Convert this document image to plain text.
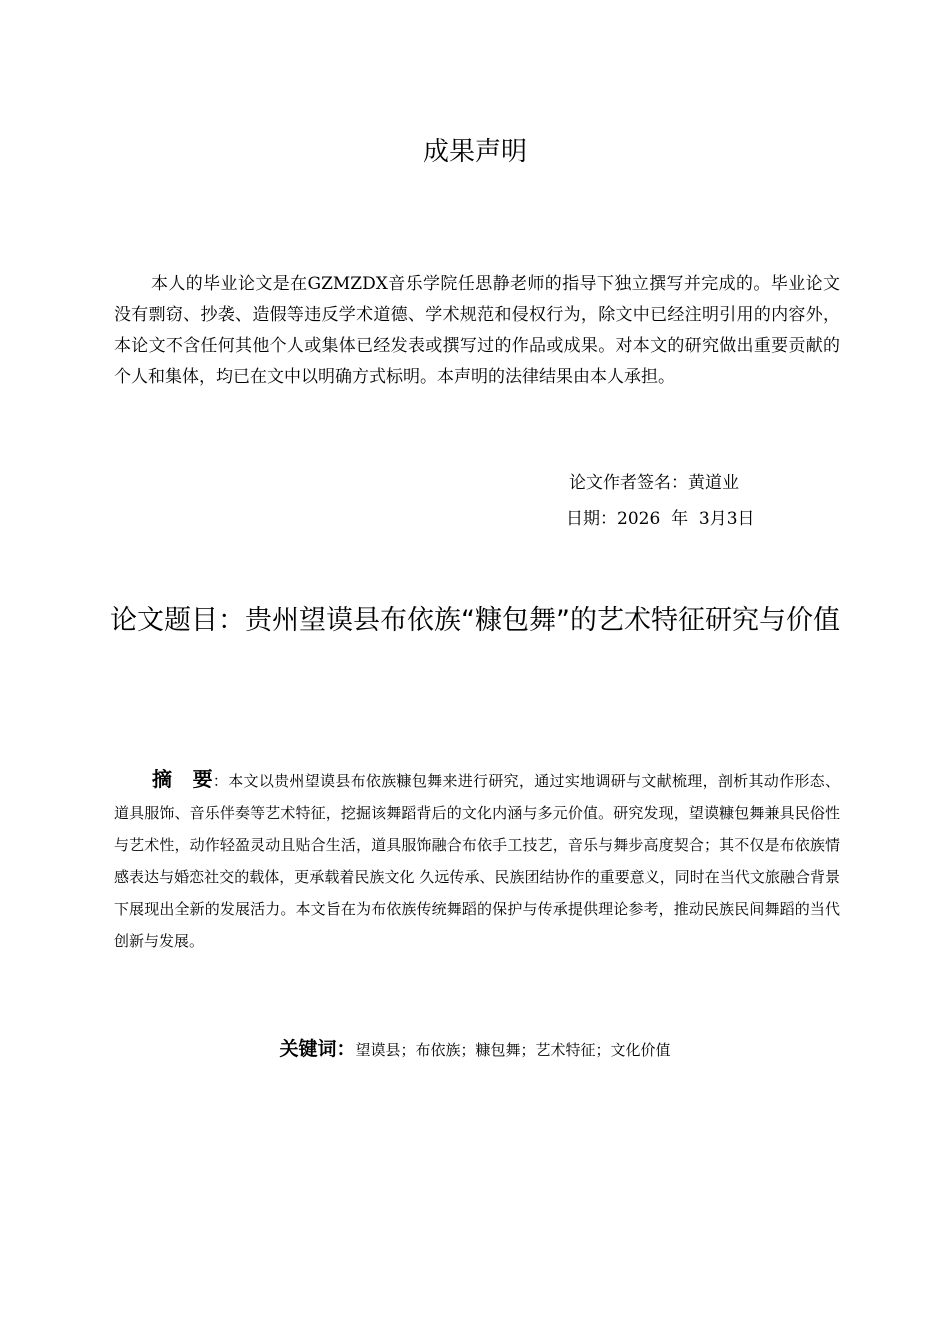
成果声明

本人的毕业论文是在GZMZDX音乐学院任思静老师的指导下独立撰写并完成的。毕业论文没有剽窃、抄袭、造假等违反学术道德、学术规范和侵权行为，除文中已经注明引用的内容外，本论文不含任何其他个人或集体已经发表或撰写过的作品或成果。对本文的研究做出重要贡献的个人和集体，均已在文中以明确方式标明。本声明的法律结果由本人承担。

论文作者签名：黄道业
日期：2026  年  3月3日
论文题目：贵州望谟县布依族“糠包舞”的艺术特征研究与价值

摘　要：本文以贵州望谟县布依族糠包舞来进行研究，通过实地调研与文献梳理，剖析其动作形态、道具服饰、音乐伴奏等艺术特征，挖掘该舞蹈背后的文化内涵与多元价值。研究发现，望谟糠包舞兼具民俗性与艺术性，动作轻盈灵动且贴合生活，道具服饰融合布依手工技艺，音乐与舞步高度契合；其不仅是布依族情感表达与婚恋社交的载体，更承载着民族文化 久远传承、民族团结协作的重要意义，同时在当代文旅融合背景下展现出全新的发展活力。本文旨在为布依族传统舞蹈的保护与传承提供理论参考，推动民族民间舞蹈的当代创新与发展。

关键词：望谟县；布依族；糠包舞；艺术特征；文化价值
